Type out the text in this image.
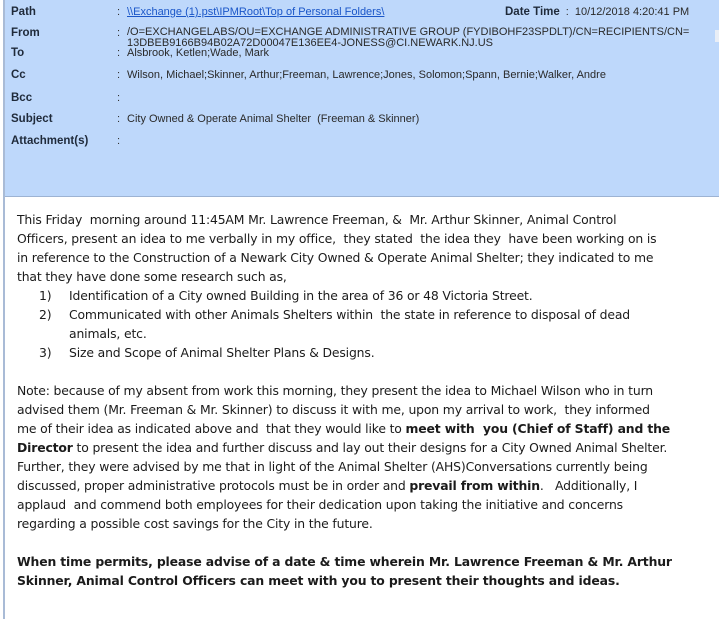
Path	: \\Exchange (1).pst\IPMRoot\Top of Personal Folders\	Date Time : 10/12/2018 4:20:41 PM
From	: /O=EXCHANGELABS/OU=EXCHANGE ADMINISTRATIVE GROUP (FYDIBOHF23SPDLT)/CN=RECIPIENTS/CN=
13DBEB9166B94B02A72D00047E136EE4-JONESS@CI.NEWARK.NJ.US
To	: Alsbrook, Ketlen;Wade, Mark
Cc	: Wilson, Michael;Skinner, Arthur;Freeman, Lawrence;Jones, Solomon;Spann, Bernie;Walker, Andre
Bcc	:
Subject	: City Owned & Operate Animal Shelter  (Freeman & Skinner)
Attachment(s)	:

This Friday  morning around 11:45AM Mr. Lawrence Freeman, &  Mr. Arthur Skinner, Animal Control

Officers, present an idea to me verbally in my office,  they stated  the idea they  have been working on is

in reference to the Construction of a Newark City Owned & Operate Animal Shelter; they indicated to me

that they have done some research such as,

1) Identification of a City owned Building in the area of 36 or 48 Victoria Street.
2) Communicated with other Animals Shelters within  the state in reference to disposal of dead
animals, etc.
3) Size and Scope of Animal Shelter Plans & Designs.

Note: because of my absent from work this morning, they present the idea to Michael Wilson who in turn

advised them (Mr. Freeman & Mr. Skinner) to discuss it with me, upon my arrival to work,  they informed

me of their idea as indicated above and  that they would like to meet with  you (Chief of Staff) and the

Director to present the idea and further discuss and lay out their designs for a City Owned Animal Shelter.

Further, they were advised by me that in light of the Animal Shelter (AHS)Conversations currently being

discussed, proper administrative protocols must be in order and prevail from within.   Additionally, I

applaud  and commend both employees for their dedication upon taking the initiative and concerns

regarding a possible cost savings for the City in the future.

When time permits, please advise of a date & time wherein Mr. Lawrence Freeman & Mr. Arthur

Skinner, Animal Control Officers can meet with you to present their thoughts and ideas.
